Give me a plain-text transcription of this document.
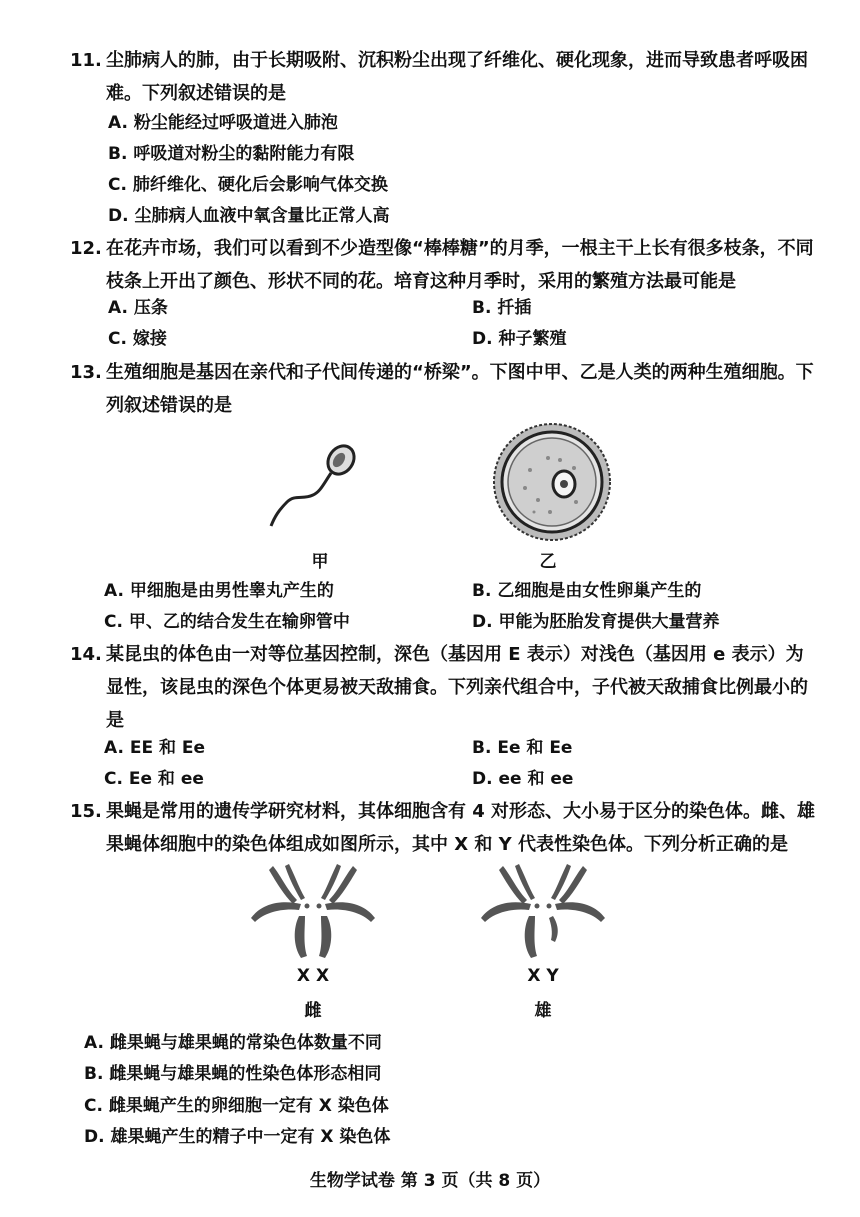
11. 尘肺病人的肺，由于长期吸附、沉积粉尘出现了纤维化、硬化现象，进而导致患者呼吸困难。下列叙述错误的是
A. 粉尘能经过呼吸道进入肺泡
B. 呼吸道对粉尘的黏附能力有限
C. 肺纤维化、硬化后会影响气体交换
D. 尘肺病人血液中氧含量比正常人高
12. 在花卉市场，我们可以看到不少造型像“棒棒糖”的月季，一根主干上长有很多枝条，不同枝条上开出了颜色、形状不同的花。培育这种月季时，采用的繁殖方法最可能是
A. 压条	B. 扦插
C. 嫁接	D. 种子繁殖
13. 生殖细胞是基因在亲代和子代间传递的“桥梁”。下图中甲、乙是人类的两种生殖细胞。下列叙述错误的是
甲	乙
A. 甲细胞是由男性睾丸产生的	B. 乙细胞是由女性卵巢产生的
C. 甲、乙的结合发生在输卵管中	D. 甲能为胚胎发育提供大量营养
14. 某昆虫的体色由一对等位基因控制，深色（基因用 E 表示）对浅色（基因用 e 表示）为显性，该昆虫的深色个体更易被天敌捕食。下列亲代组合中，子代被天敌捕食比例最小的是
A. EE 和 Ee	B. Ee 和 Ee
C. Ee 和 ee	D. ee 和 ee
15. 果蝇是常用的遗传学研究材料，其体细胞含有 4 对形态、大小易于区分的染色体。雌、雄果蝇体细胞中的染色体组成如图所示，其中 X 和 Y 代表性染色体。下列分析正确的是
X X
雌
X Y
雄
A. 雌果蝇与雄果蝇的常染色体数量不同
B. 雌果蝇与雄果蝇的性染色体形态相同
C. 雌果蝇产生的卵细胞一定有 X 染色体
D. 雄果蝇产生的精子中一定有 X 染色体
生物学试卷 第 3 页（共 8 页）
